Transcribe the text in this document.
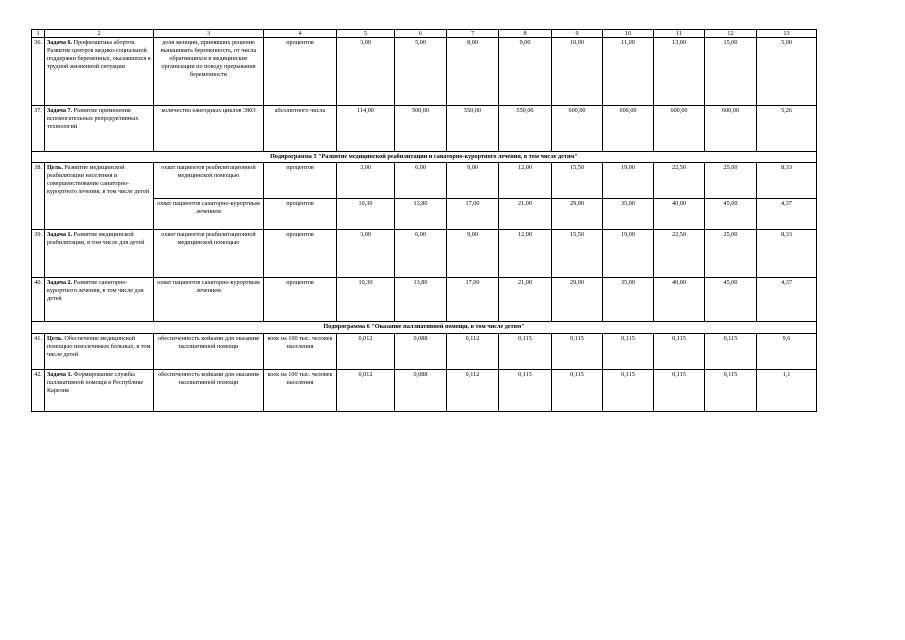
1	2	3	4	5	6	7	8	9	10	11	12	13
36.	Задача 6. Профилактика абортов. Развитие центров медико-социальной поддержки беременных, оказавшихся в трудной жизненной ситуации	доля женщин, принявших решение вынашивать беременность, от числа обратившихся в медицинские организации по поводу прерывания беременности	процентов	3,00	5,00	8,00	9,00	10,00	11,00	13,00	15,00	5,00
37.	Задача 7. Развитие применения вспомогательных репродуктивных технологий	количество ежегодных циклов ЭКО	абсолютного числа	114,00	500,00	550,00	550,00	600,00	600,00	600,00	600,00	5,26
Подпрограмма 5 "Развитие медицинской реабилитации и санаторно-курортного лечения, в том числе детям"												
38.	Цель. Развитие медицинской реабилитации населения и совершенствование санаторно-курортного лечения, в том числе детей	охват пациентов реабилитационной медицинской помощью	процентов	3,00	6,00	9,00	12,00	15,50	19,00	22,50	25,00	8,33
		охват пациентов санаторно-курортным лечением	процентов	10,30	13,80	17,00	21,00	29,00	35,00	40,00	45,00	4,37
39.	Задача 1. Развитие медицинской реабилитации, в том числе для детей	охват пациентов реабилитационной медицинской помощью	процентов	3,00	6,00	9,00	12,00	15,50	19,00	22,50	25,00	8,33
40.	Задача 2. Развитие санаторно-курортного лечения, в том числе для детей	охват пациентов санаторно-курортным лечением	процентов	10,30	13,80	17,00	21,00	29,00	35,00	40,00	45,00	4,37
Подпрограмма 6 "Оказание паллиативной помощи, в том числе детям"												
41.	Цель. Обеспечение медицинской помощью неизлечимых больных, в том числе детей	обеспеченность койками для оказания паллиативной помощи	коек на 100 тыс. человек населения	0,012	0,088	0,112	0,115	0,115	0,115	0,115	0,115	9,6
42.	Задача 1. Формирование службы паллиативной помощи в Республике Карелия	обеспеченность койками для оказания паллиативной помощи	коек на 100 тыс. человек населения	0,012	0,088	0,112	0,115	0,115	0,115	0,115	0,115	1,1
